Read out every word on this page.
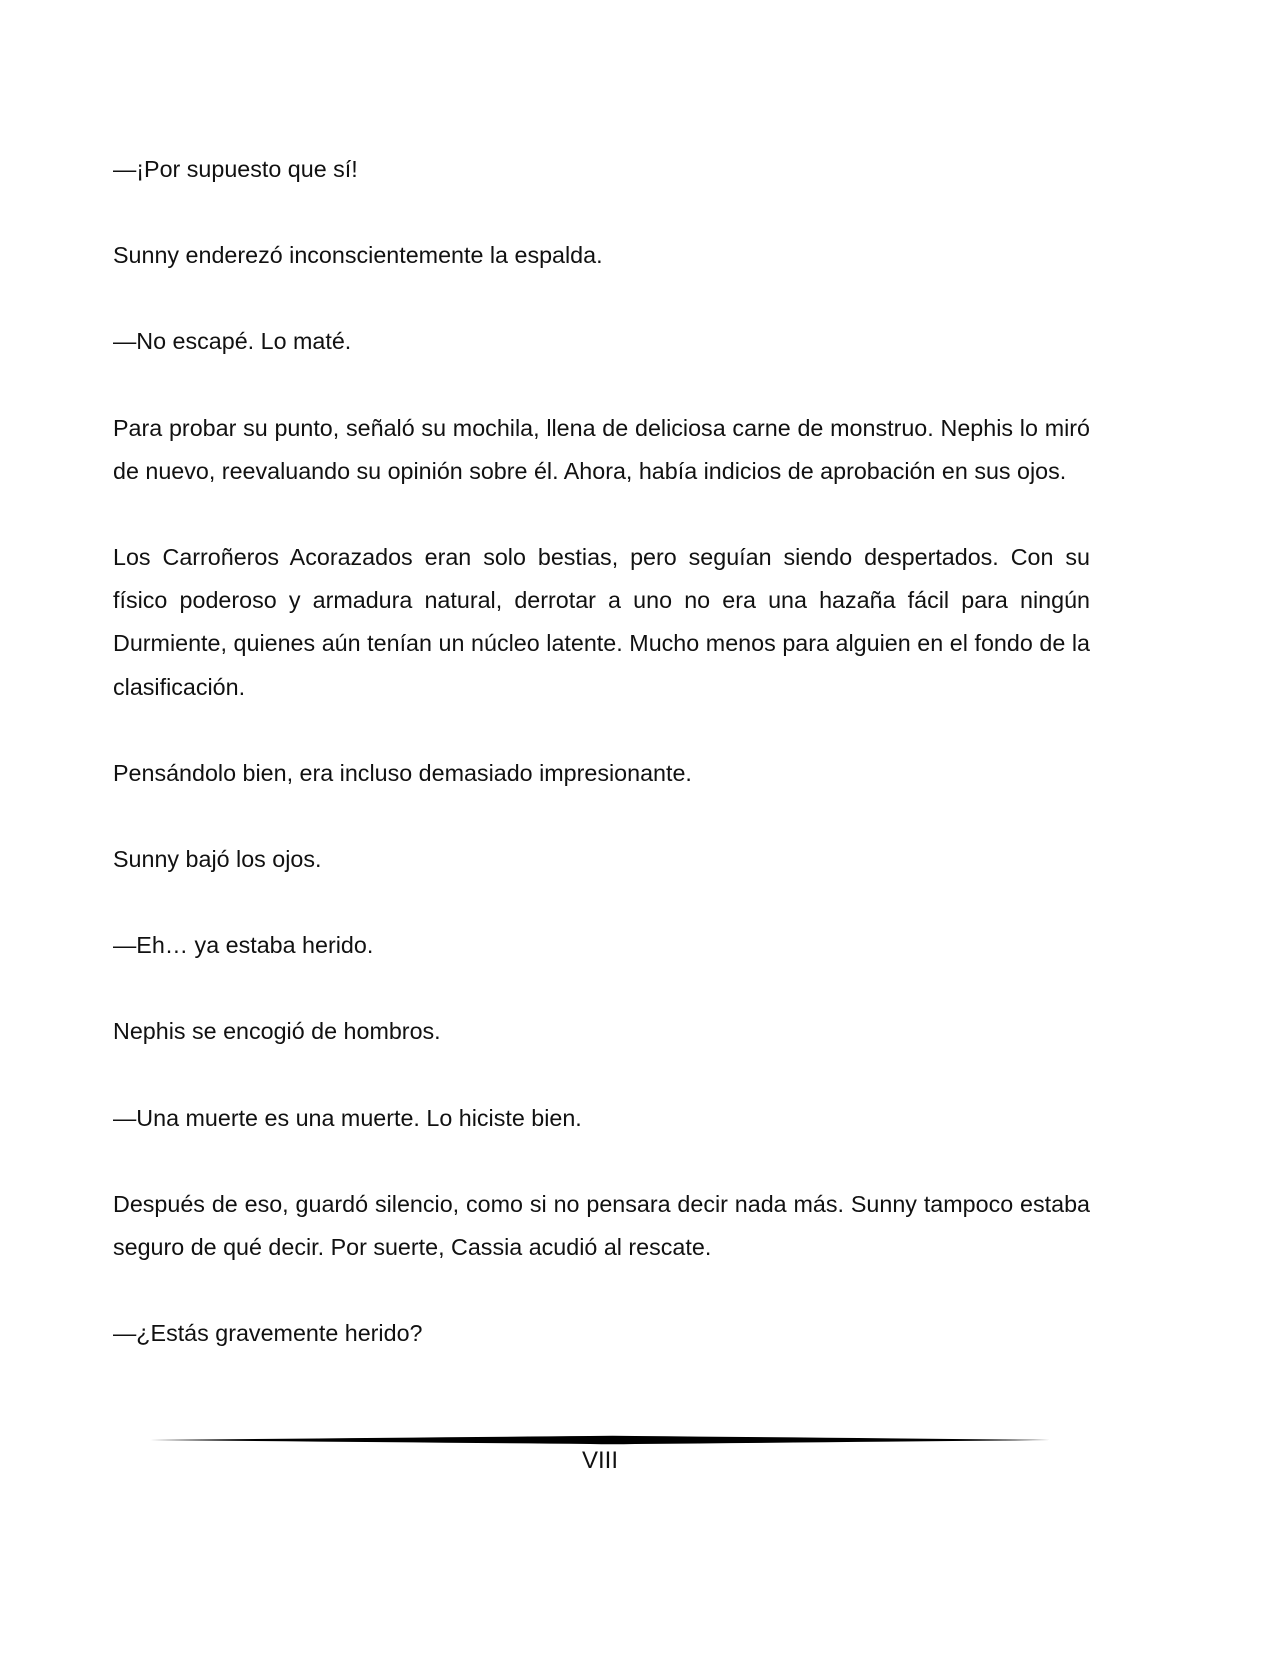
—¡Por supuesto que sí!

Sunny enderezó inconscientemente la espalda.

—No escapé. Lo maté.

Para probar su punto, señaló su mochila, llena de deliciosa carne de monstruo. Nephis lo miró de nuevo, reevaluando su opinión sobre él. Ahora, había indicios de aprobación en sus ojos.

Los Carroñeros Acorazados eran solo bestias, pero seguían siendo despertados. Con su físico poderoso y armadura natural, derrotar a uno no era una hazaña fácil para ningún Durmiente, quienes aún tenían un núcleo latente. Mucho menos para alguien en el fondo de la clasificación.

Pensándolo bien, era incluso demasiado impresionante.

Sunny bajó los ojos.

—Eh… ya estaba herido.

Nephis se encogió de hombros.

—Una muerte es una muerte. Lo hiciste bien.

Después de eso, guardó silencio, como si no pensara decir nada más. Sunny tampoco estaba seguro de qué decir. Por suerte, Cassia acudió al rescate.

—¿Estás gravemente herido?

VIII
